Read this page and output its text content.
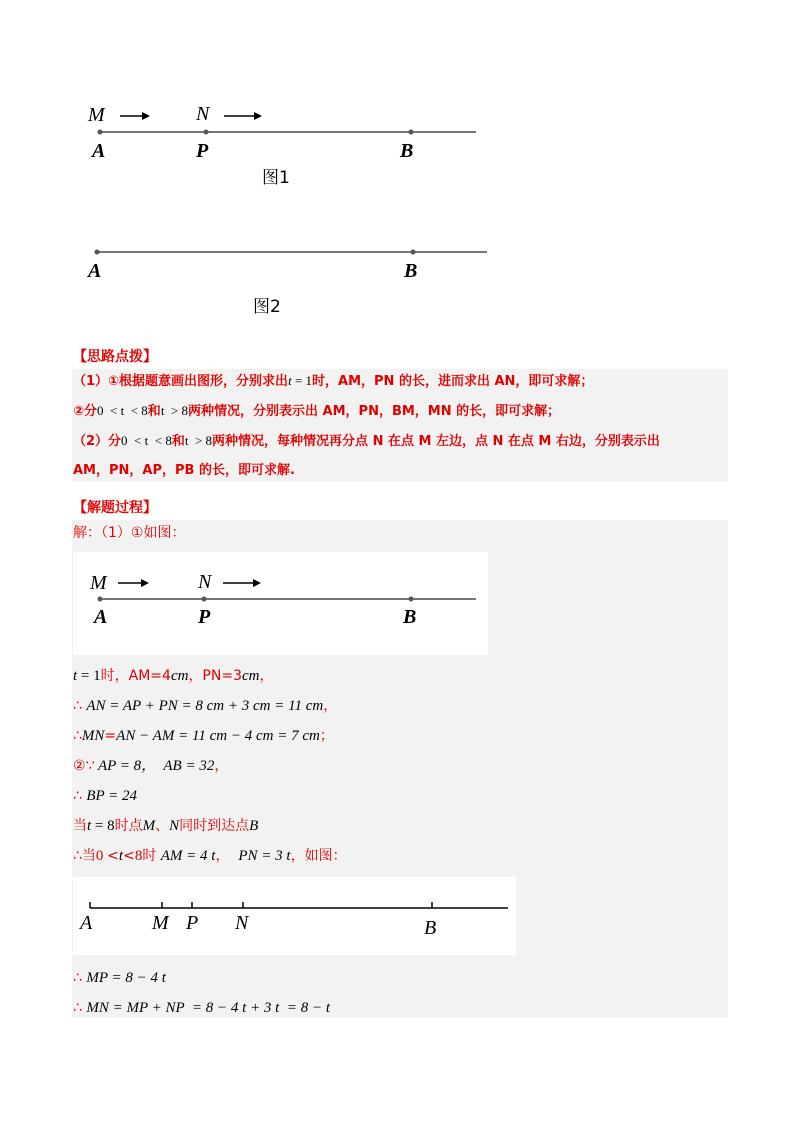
M	N
A	P	B
图1
A	B
图2
【思路点拨】
（1）①根据题意画出图形，分别求出t = 1时，AM，PN 的长，进而求出 AN，即可求解；
②分0  < t  < 8和t  > 8两种情况，分别表示出 AM，PN，BM，MN 的长，即可求解；
（2）分0  < t  < 8和t  > 8两种情况，每种情况再分点 N 在点 M 左边，点 N 在点 M 右边，分别表示出
AM，PN，AP，PB 的长，即可求解.
【解题过程】
解：（1）①如图：
M	N
A	P	B
t = 1时，AM=4cm，PN=3cm，
∴ AN = AP + PN = 8 cm + 3 cm = 11 cm，
∴MN=AN − AM = 11 cm − 4 cm = 7 cm；
②∵ AP = 8，  AB = 32，
∴ BP = 24
当t = 8时点M、N同时到达点B
∴当0 <t<8时 AM = 4 t，  PN = 3 t，如图：
A	M P N	B
∴ MP = 8 − 4 t
∴ MN = MP + NP  = 8 − 4 t + 3 t  = 8 − t
